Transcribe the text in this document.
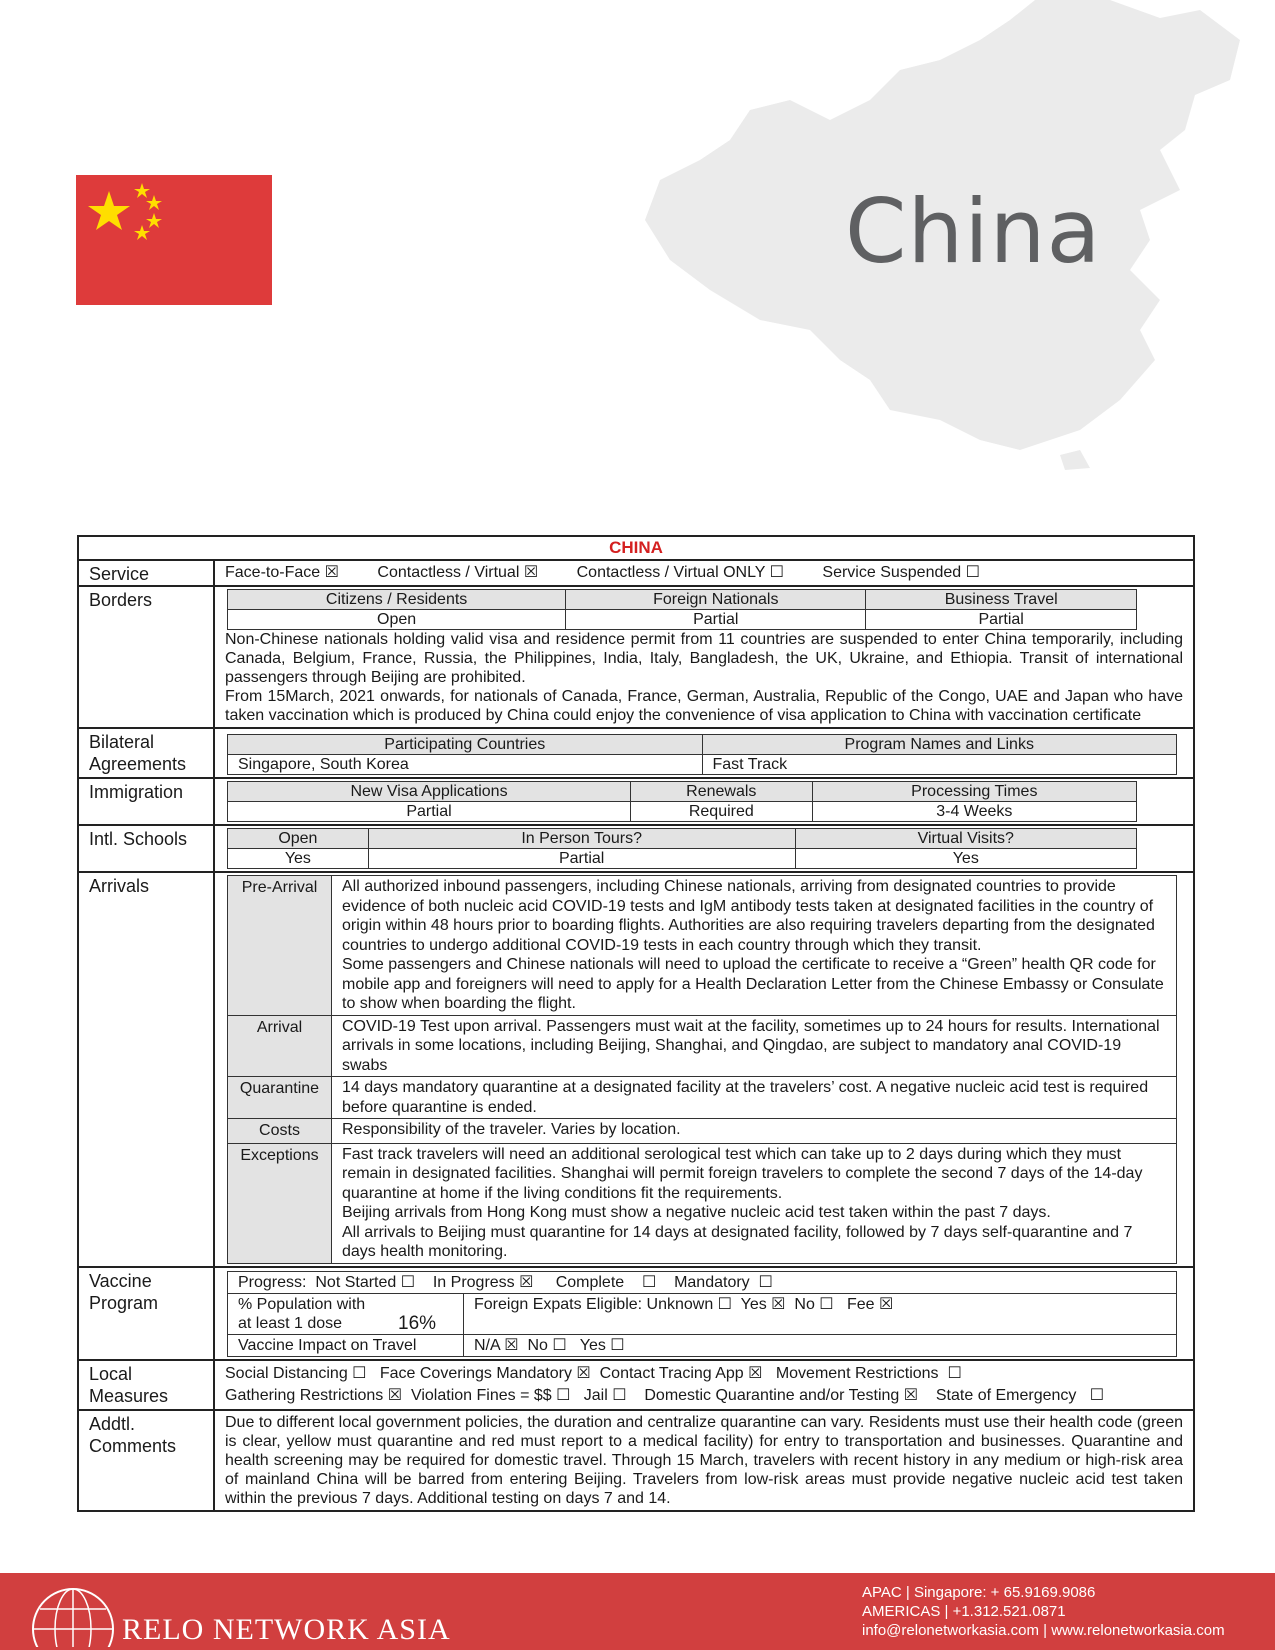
China
CHINA
Service	Face-to-Face ☒ Contactless / Virtual ☒ Contactless / Virtual ONLY ☐ Service Suspended ☐
Borders	Citizens / Residents	Foreign Nationals	Business Travel
Open	Partial	Partial

Non-Chinese nationals holding valid visa and residence permit from 11 countries are suspended to enter China temporarily, including Canada, Belgium, France, Russia, the Philippines, India, Italy, Bangladesh, the UK, Ukraine, and Ethiopia. Transit of international passengers through Beijing are prohibited.

From 15March, 2021 onwards, for nationals of Canada, France, German, Australia, Republic of the Congo, UAE and Japan who have taken vaccination which is produced by China could enjoy the convenience of visa application to China with vaccination certificate

Bilateral
Agreements
Participating Countries	Program Names and Links
Singapore, South Korea	Fast Track
Immigration	New Visa Applications	Renewals	Processing Times
Partial	Required	3-4 Weeks
Intl. Schools	Open	In Person Tours?	Virtual Visits?
Yes	Partial	Yes
Arrivals	Pre-Arrival	All authorized inbound passengers, including Chinese nationals, arriving from designated countries to provide evidence of both nucleic acid COVID-19 tests and IgM antibody tests taken at designated facilities in the country of origin within 48 hours prior to boarding flights. Authorities are also requiring travelers departing from the designated countries to undergo additional COVID-19 tests in each country through which they transit.
Some passengers and Chinese nationals will need to upload the certificate to receive a “Green” health QR code for mobile app and foreigners will need to apply for a Health Declaration Letter from the Chinese Embassy or Consulate to show when boarding the flight.

Arrival	COVID-19 Test upon arrival. Passengers must wait at the facility, sometimes up to 24 hours for results. International arrivals in some locations, including Beijing, Shanghai, and Qingdao, are subject to mandatory anal COVID-19 swabs
Quarantine	14 days mandatory quarantine at a designated facility at the travelers’ cost. A negative nucleic acid test is required before quarantine is ended.
Costs	Responsibility of the traveler. Varies by location.
Exceptions	Fast track travelers will need an additional serological test which can take up to 2 days during which they must remain in designated facilities. Shanghai will permit foreign travelers to complete the second 7 days of the 14-day quarantine at home if the living conditions fit the requirements.
Beijing arrivals from Hong Kong must show a negative nucleic acid test taken within the past 7 days.
All arrivals to Beijing must quarantine for 14 days at designated facility, followed by 7 days self-quarantine and 7 days health monitoring.
Vaccine
Program
Progress:  Not Started ☐    In Progress ☒     Complete    ☐    Mandatory  ☐		

% Population with
at least 1 dose	16%	Foreign Expats Eligible: Unknown ☐  Yes ☒  No ☐   Fee ☒
Vaccine Impact on Travel		N/A ☒  No ☐   Yes ☐
Local
Measures
Social Distancing ☐   Face Coverings Mandatory ☒  Contact Tracing App ☒   Movement Restrictions  ☐
Gathering Restrictions ☒  Violation Fines = $$ ☐   Jail ☐    Domestic Quarantine and/or Testing ☒    State of Emergency   ☐
Addtl.
Comments

Due to different local government policies, the duration and centralize quarantine can vary. Residents must use their health code (green is clear, yellow must quarantine and red must report to a medical facility) for entry to transportation and businesses. Quarantine and health screening may be required for domestic travel. Through 15 March, travelers with recent history in any medium or high-risk area of mainland China will be barred from entering Beijing. Travelers from low-risk areas must provide negative nucleic acid test taken within the previous 7 days. Additional testing on days 7 and 14.

RELO NETWORK ASIA
APAC | Singapore: + 65.9169.9086
AMERICAS | +1.312.521.0871
info@relonetworkasia.com | www.relonetworkasia.com
